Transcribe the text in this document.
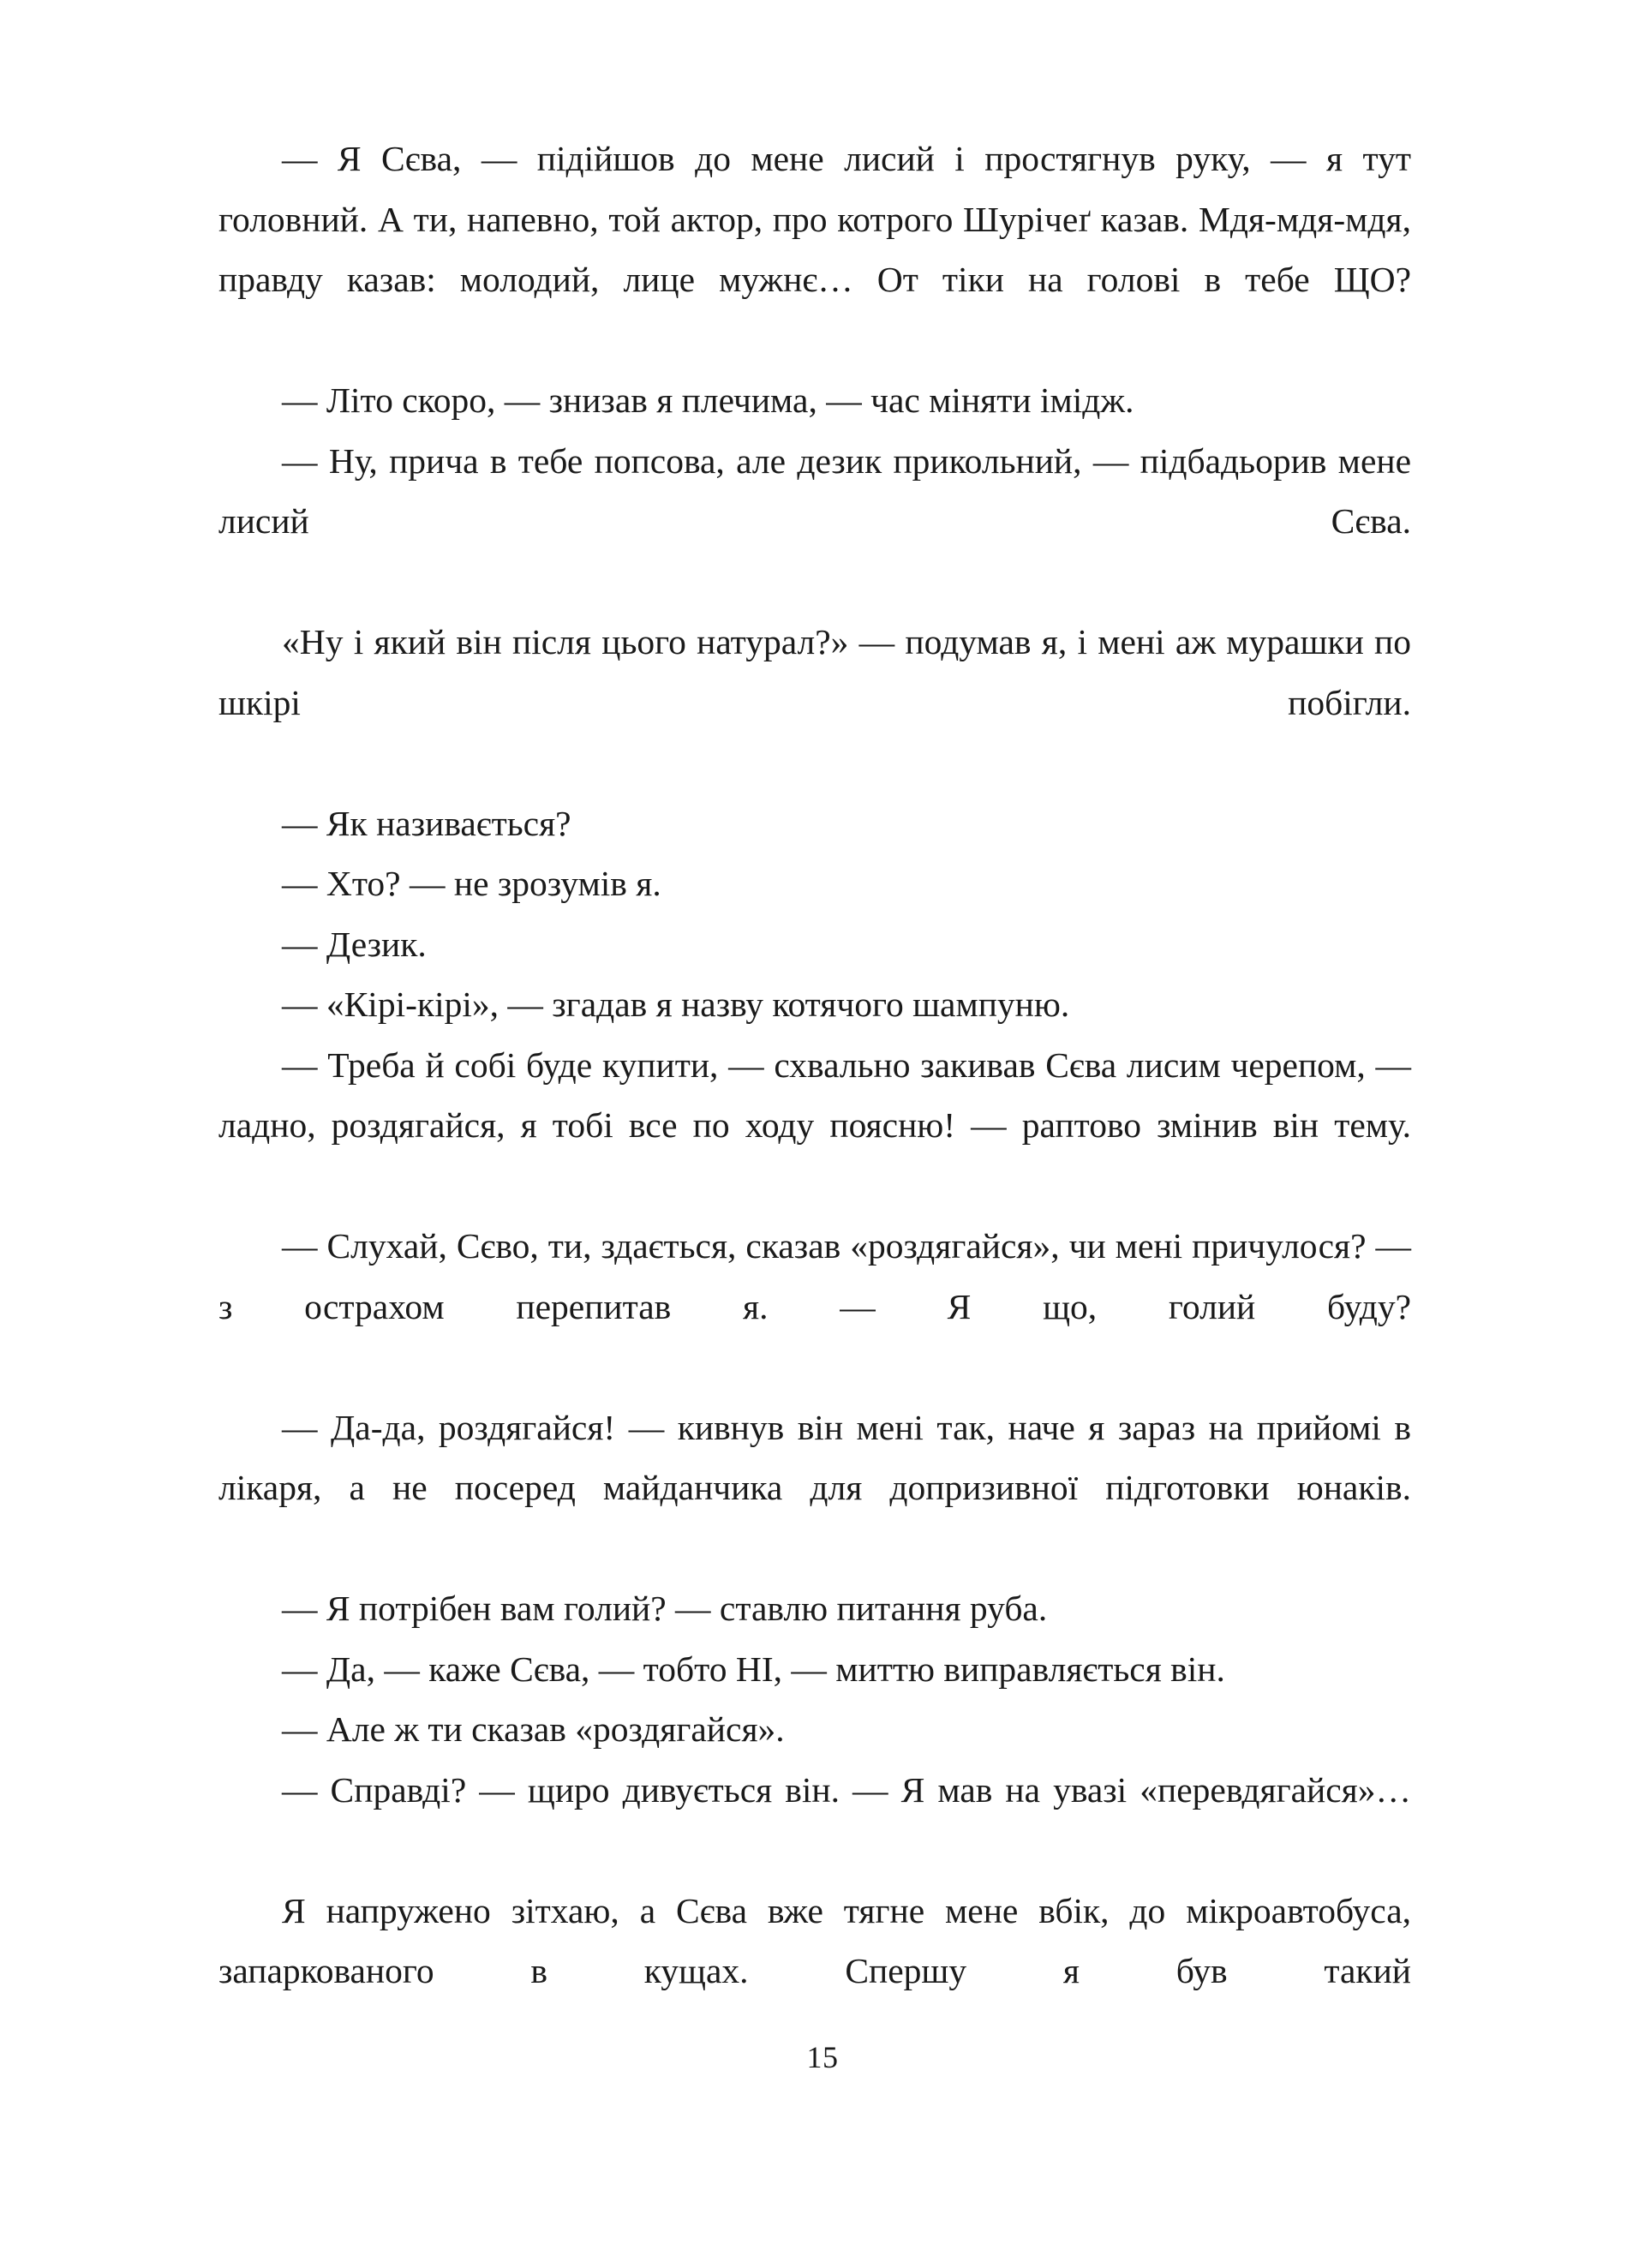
— Я Сєва, — підійшов до мене лисий і простягнув руку, — я тут головний. А ти, напевно, той актор, про котрого Шурічеґ казав. Мдя-мдя-мдя, правду казав: молодий, лице мужнє… От тіки на голові в тебе ЩО?

— Літо скоро, — знизав я плечима, — час міняти імідж.

— Ну, прича в тебе попсова, але дезик прикольний, — підбадьорив мене лисий Сєва.

«Ну і який він після цього натурал?» — подумав я, і мені аж мурашки по шкірі побігли.

— Як називається?

— Хто? — не зрозумів я.

— Дезик.

— «Кірі-кірі», — згадав я назву котячого шампуню.

— Треба й собі буде купити, — схвально закивав Сєва лисим черепом, — ладно, роздягайся, я тобі все по ходу поясню! — раптово змінив він тему.

— Слухай, Сєво, ти, здається, сказав «роздягайся», чи мені причулося? — з острахом перепитав я. — Я що, голий буду?

— Да-да, роздягайся! — кивнув він мені так, наче я зараз на прийомі в лікаря, а не посеред майданчика для допризивної підготовки юнаків.

— Я потрібен вам голий? — ставлю питання руба.

— Да, — каже Сєва, — тобто НІ, — миттю виправляється він.

— Але ж ти сказав «роздягайся».

— Справді? — щиро дивується він. — Я мав на увазі «перевдягайся»…

Я напружено зітхаю, а Сєва вже тягне мене вбік, до мікроавтобуса, запаркованого в кущах. Спершу я був такий

15
